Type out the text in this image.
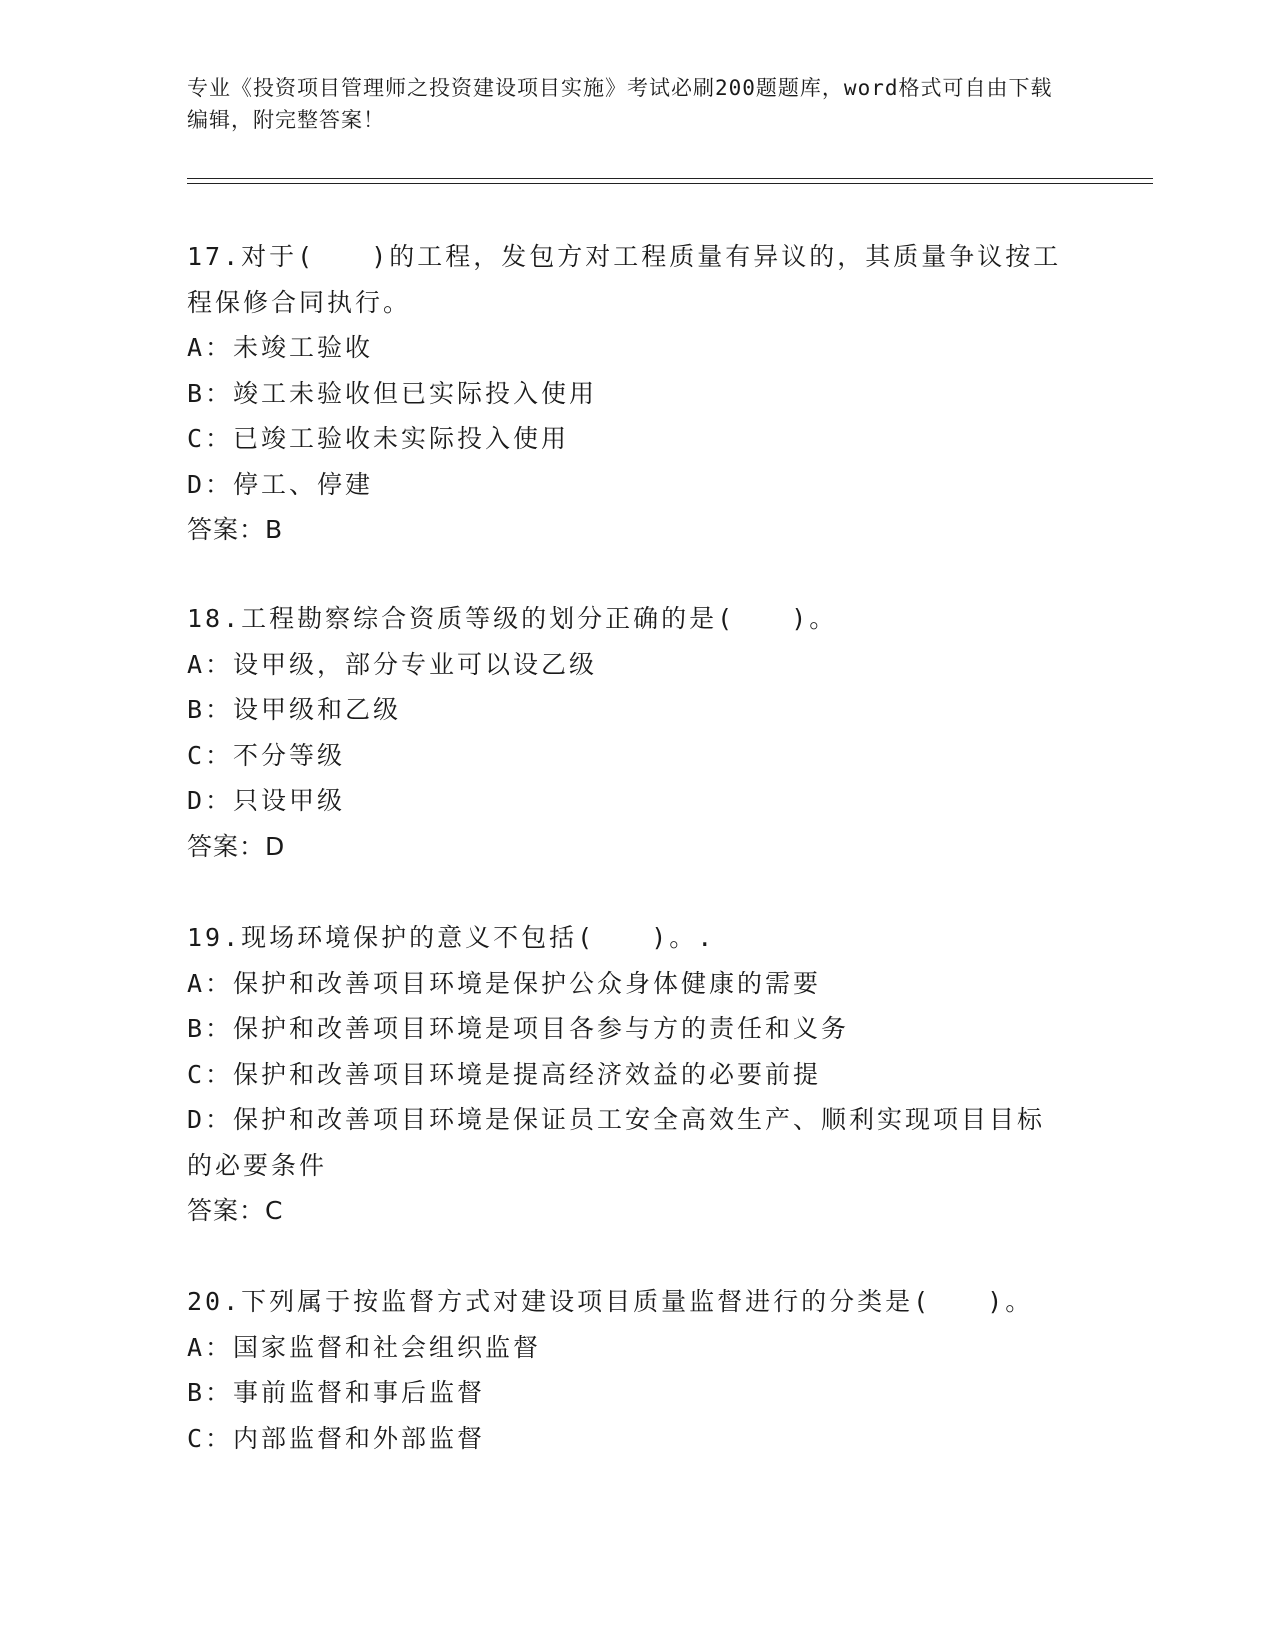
专业《投资项目管理师之投资建设项目实施》考试必刷200题题库，word格式可自由下载编辑，附完整答案！
17.对于(　　)的工程，发包方对工程质量有异议的，其质量争议按工程保修合同执行。
A：未竣工验收
B：竣工未验收但已实际投入使用
C：已竣工验收未实际投入使用
D：停工、停建
答案：B
18.工程勘察综合资质等级的划分正确的是(　　)。
A：设甲级，部分专业可以设乙级
B：设甲级和乙级
C：不分等级
D：只设甲级
答案：D
19.现场环境保护的意义不包括(　　)。.
A：保护和改善项目环境是保护公众身体健康的需要
B：保护和改善项目环境是项目各参与方的责任和义务
C：保护和改善项目环境是提高经济效益的必要前提
D：保护和改善项目环境是保证员工安全高效生产、顺利实现项目目标的必要条件
答案：C
20.下列属于按监督方式对建设项目质量监督进行的分类是(　　)。
A：国家监督和社会组织监督
B：事前监督和事后监督
C：内部监督和外部监督
